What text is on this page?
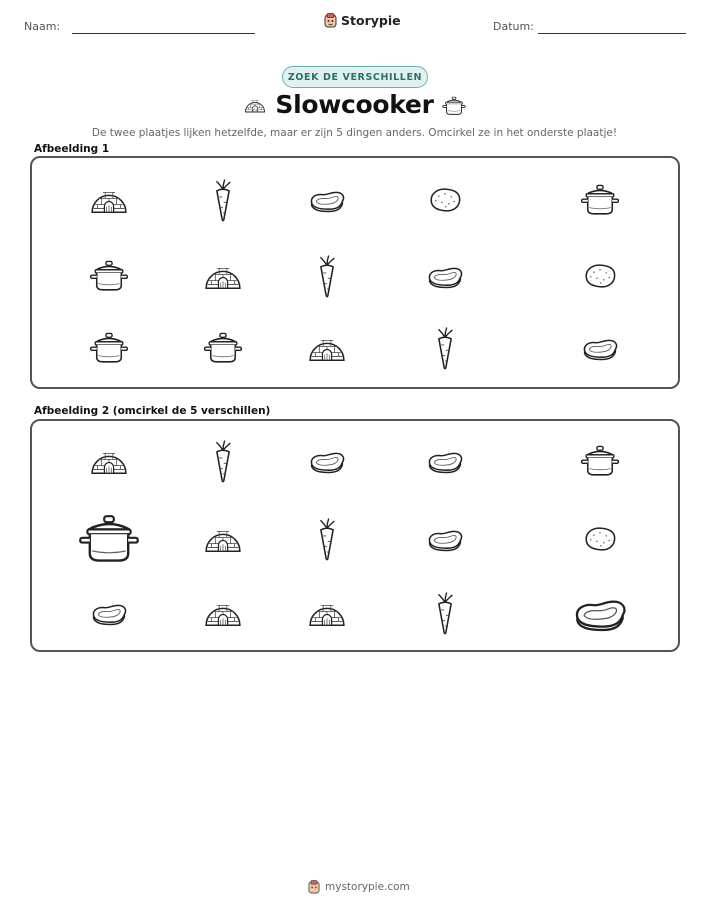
Naam:	Storypie	Datum:
ZOEK DE VERSCHILLEN
Slowcooker
De twee plaatjes lijken hetzelfde, maar er zijn 5 dingen anders. Omcirkel ze in het onderste plaatje!
Afbeelding 1
Afbeelding 2 (omcirkel de 5 verschillen)
mystorypie.com
